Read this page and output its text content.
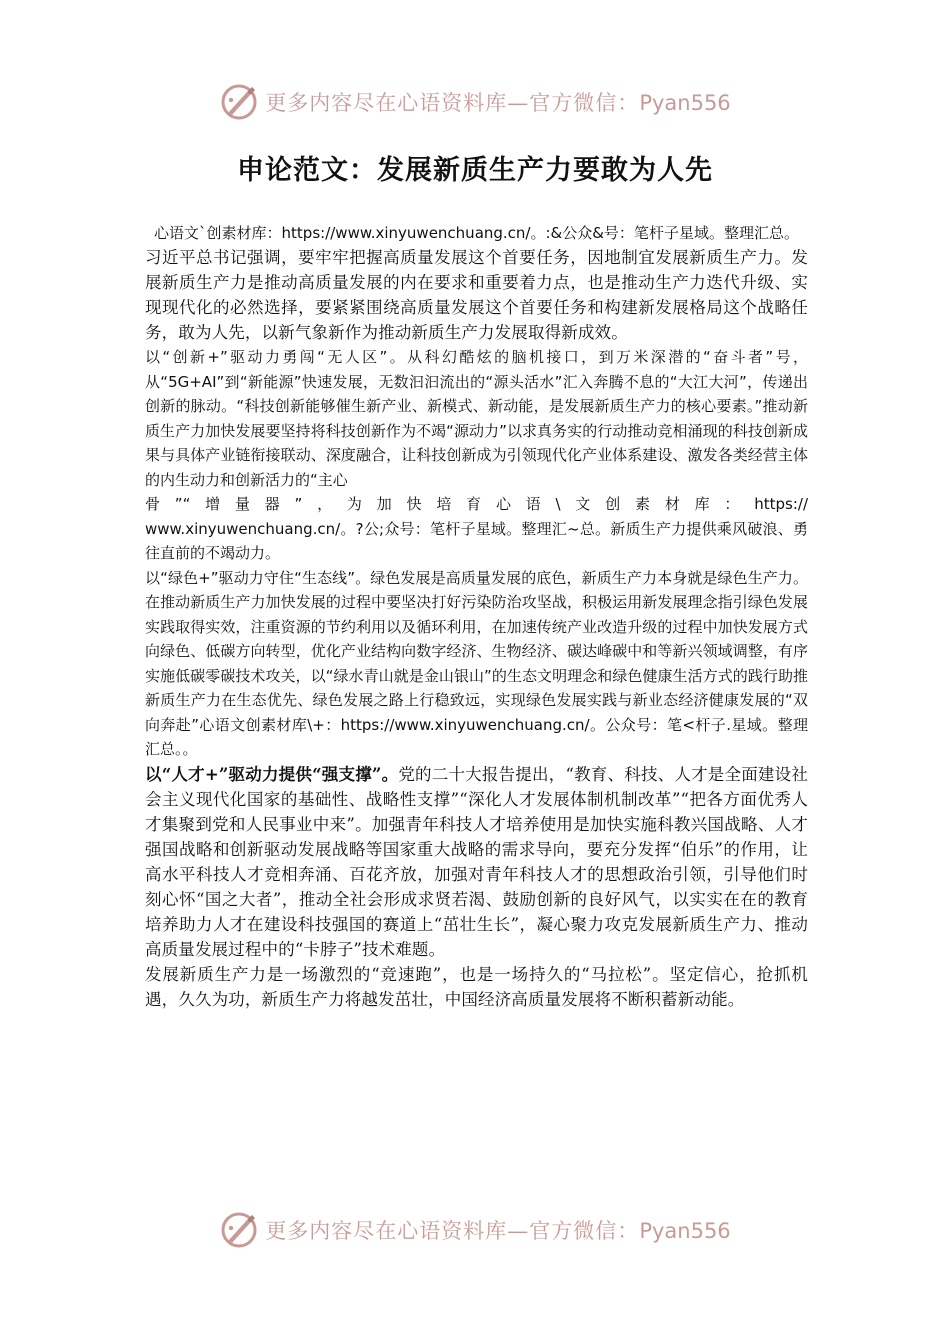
更多内容尽在心语资料库—官方微信：Pyan556
申论范文：发展新质生产力要敢为人先

心语文`创素材库：https://www.xinyuwenchuang.cn/。:&公众&号：笔杆子星域。整理汇总。

习近平总书记强调，要牢牢把握高质量发展这个首要任务，因地制宜发展新质生产力。发展新质生产力是推动高质量发展的内在要求和重要着力点，也是推动生产力迭代升级、实现现代化的必然选择，要紧紧围绕高质量发展这个首要任务和构建新发展格局这个战略任务，敢为人先，以新气象新作为推动新质生产力发展取得新成效。

以“创新+”驱动力勇闯“无人区”。从科幻酷炫的脑机接口，到万米深潜的“奋斗者”号，从“5G+AI”到“新能源”快速发展，无数汩汩流出的“源头活水”汇入奔腾不息的“大江大河”，传递出创新的脉动。“科技创新能够催生新产业、新模式、新动能，是发展新质生产力的核心要素。”推动新质生产力加快发展要坚持将科技创新作为不竭“源动力”以求真务实的行动推动竞相涌现的科技创新成果与具体产业链衔接联动、深度融合，让科技创新成为引领现代化产业体系建设、激发各类经营主体的内生动力和创新活力的“主心

骨”“增量器”，为加快培育心语\文创素材库：https://

www.xinyuwenchuang.cn/。?公;众号：笔杆子星域。整理汇~总。新质生产力提供乘风破浪、勇往直前的不竭动力。

以“绿色+”驱动力守住“生态线”。绿色发展是高质量发展的底色，新质生产力本身就是绿色生产力。在推动新质生产力加快发展的过程中要坚决打好污染防治攻坚战，积极运用新发展理念指引绿色发展实践取得实效，注重资源的节约利用以及循环利用，在加速传统产业改造升级的过程中加快发展方式向绿色、低碳方向转型，优化产业结构向数字经济、生物经济、碳达峰碳中和等新兴领域调整，有序实施低碳零碳技术攻关，以“绿水青山就是金山银山”的生态文明理念和绿色健康生活方式的践行助推新质生产力在生态优先、绿色发展之路上行稳致远，实现绿色发展实践与新业态经济健康发展的“双向奔赴”心语文创素材库\+：https://www.xinyuwenchuang.cn/。公众号：笔<杆子.星域。整理汇总。。

以“人才+”驱动力提供“强支撑”。党的二十大报告提出，“教育、科技、人才是全面建设社会主义现代化国家的基础性、战略性支撑”“深化人才发展体制机制改革”“把各方面优秀人才集聚到党和人民事业中来”。加强青年科技人才培养使用是加快实施科教兴国战略、人才强国战略和创新驱动发展战略等国家重大战略的需求导向，要充分发挥“伯乐”的作用，让高水平科技人才竞相奔涌、百花齐放，加强对青年科技人才的思想政治引领，引导他们时刻心怀“国之大者”，推动全社会形成求贤若渴、鼓励创新的良好风气，以实实在在的教育培养助力人才在建设科技强国的赛道上“茁壮生长”，凝心聚力攻克发展新质生产力、推动高质量发展过程中的“卡脖子”技术难题。

发展新质生产力是一场激烈的“竞速跑”，也是一场持久的“马拉松”。坚定信心，抢抓机遇，久久为功，新质生产力将越发茁壮，中国经济高质量发展将不断积蓄新动能。

更多内容尽在心语资料库—官方微信：Pyan556
